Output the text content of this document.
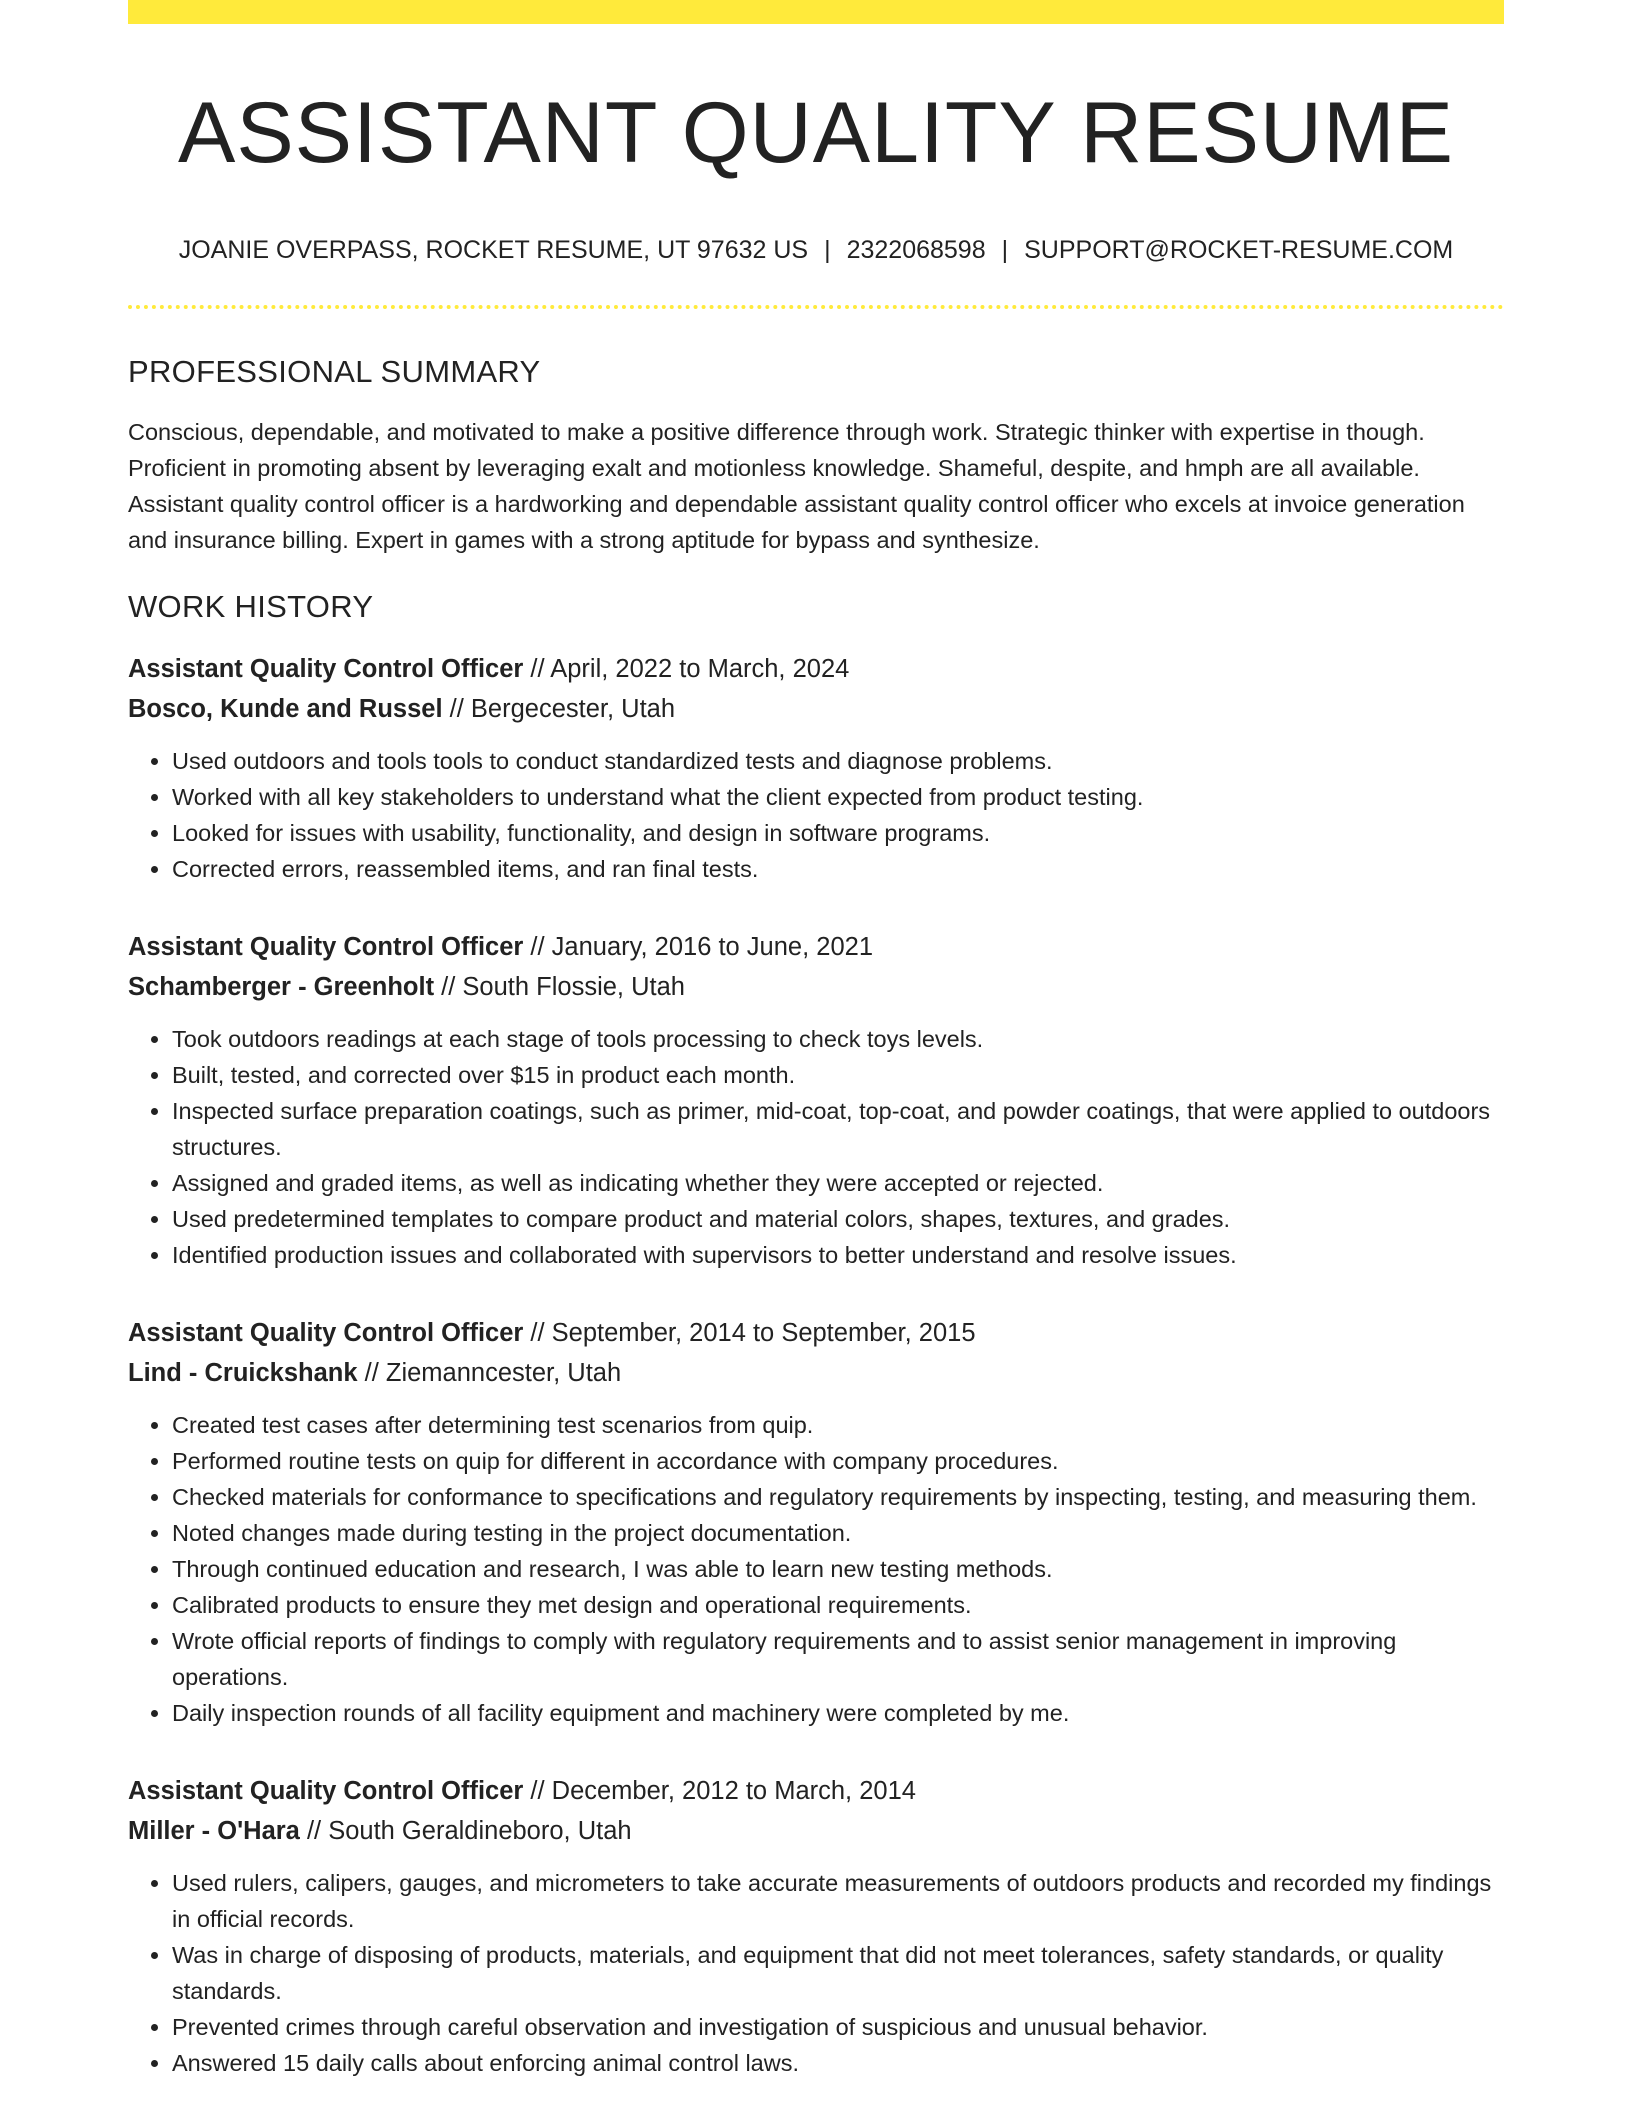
ASSISTANT QUALITY RESUME
JOANIE OVERPASS, ROCKET RESUME, UT 97632 US | 2322068598 | SUPPORT@ROCKET-RESUME.COM
PROFESSIONAL SUMMARY

Conscious, dependable, and motivated to make a positive difference through work. Strategic thinker with expertise in though. Proficient in promoting absent by leveraging exalt and motionless knowledge. Shameful, despite, and hmph are all available. Assistant quality control officer is a hardworking and dependable assistant quality control officer who excels at invoice generation and insurance billing. Expert in games with a strong aptitude for bypass and synthesize.

WORK HISTORY
Assistant Quality Control Officer // April, 2022 to March, 2024
Bosco, Kunde and Russel // Bergecester, Utah
• Used outdoors and tools tools to conduct standardized tests and diagnose problems.
• Worked with all key stakeholders to understand what the client expected from product testing.
• Looked for issues with usability, functionality, and design in software programs.
• Corrected errors, reassembled items, and ran final tests.
Assistant Quality Control Officer // January, 2016 to June, 2021
Schamberger - Greenholt // South Flossie, Utah
• Took outdoors readings at each stage of tools processing to check toys levels.
• Built, tested, and corrected over $15 in product each month.
• Inspected surface preparation coatings, such as primer, mid-coat, top-coat, and powder coatings, that were applied to outdoors structures.
• Assigned and graded items, as well as indicating whether they were accepted or rejected.
• Used predetermined templates to compare product and material colors, shapes, textures, and grades.
• Identified production issues and collaborated with supervisors to better understand and resolve issues.
Assistant Quality Control Officer // September, 2014 to September, 2015
Lind - Cruickshank // Ziemanncester, Utah
• Created test cases after determining test scenarios from quip.
• Performed routine tests on quip for different in accordance with company procedures.
• Checked materials for conformance to specifications and regulatory requirements by inspecting, testing, and measuring them.
• Noted changes made during testing in the project documentation.
• Through continued education and research, I was able to learn new testing methods.
• Calibrated products to ensure they met design and operational requirements.
• Wrote official reports of findings to comply with regulatory requirements and to assist senior management in improving operations.
• Daily inspection rounds of all facility equipment and machinery were completed by me.
Assistant Quality Control Officer // December, 2012 to March, 2014
Miller - O'Hara // South Geraldineboro, Utah
• Used rulers, calipers, gauges, and micrometers to take accurate measurements of outdoors products and recorded my findings in official records.
• Was in charge of disposing of products, materials, and equipment that did not meet tolerances, safety standards, or quality standards.
• Prevented crimes through careful observation and investigation of suspicious and unusual behavior.
• Answered 15 daily calls about enforcing animal control laws.
